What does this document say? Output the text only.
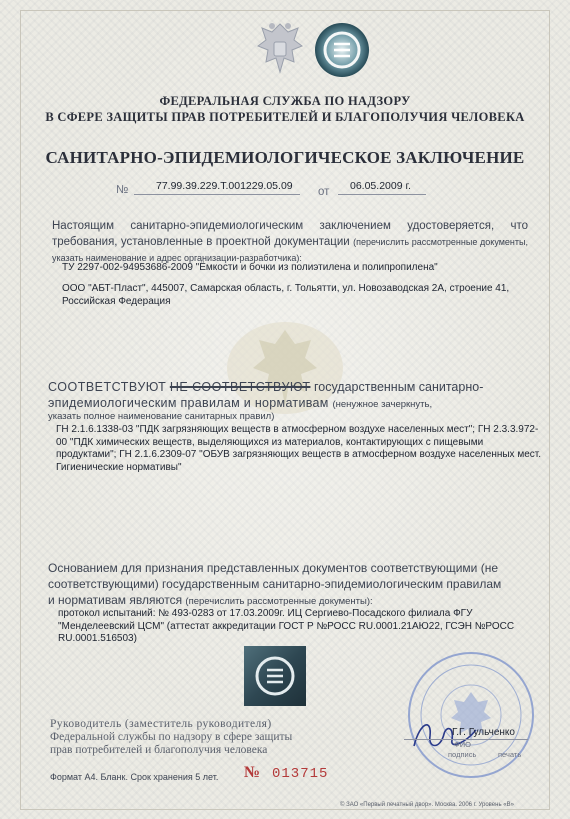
ФЕДЕРАЛЬНАЯ СЛУЖБА ПО НАДЗОРУ
В СФЕРЕ ЗАЩИТЫ ПРАВ ПОТРЕБИТЕЛЕЙ И БЛАГОПОЛУЧИЯ ЧЕЛОВЕКА
САНИТАРНО-ЭПИДЕМИОЛОГИЧЕСКОЕ ЗАКЛЮЧЕНИЕ
№	77.99.39.229.Т.001229.05.09 от 06.05.2009 г.
Настоящим санитарно-эпидемиологическим заключением удостоверяется, что требования, установленные в проектной документации (перечислить рассмотренные документы, указать наименование и адрес организации-разработчика):
ТУ 2297-002-94953686-2009 "Ёмкости и бочки из полиэтилена и полипропилена"
ООО "АБТ-Пласт", 445007, Самарская область, г. Тольятти, ул. Новозаводская 2А, строение 41,
Российская Федерация
СООТВЕТСТВУЮТ НЕ СООТВЕТСТВУЮТ государственным санитарно-
эпидемиологическим правилам и нормативам (ненужное зачеркнуть,
указать полное наименование санитарных правил)
ГН 2.1.6.1338-03 "ПДК загрязняющих веществ в атмосферном воздухе населенных мест"; ГН 2.3.3.972-
00 "ПДК химических веществ, выделяющихся из материалов, контактирующих с пищевыми
продуктами"; ГН 2.1.6.2309-07 "ОБУВ загрязняющих веществ в атмосферном воздухе населенных мест.
Гигиенические нормативы"
Основанием для признания представленных документов соответствующими (не
соответствующими) государственным санитарно-эпидемиологическим правилам
и нормативам являются (перечислить рассмотренные документы):
протокол испытаний: № 493-0283 от 17.03.2009г. ИЦ Сергиево-Посадского филиала ФГУ
"Менделеевский ЦСМ" (аттестат аккредитации ГОСТ Р №РОСС RU.0001.21АЮ22, ГСЭН №РОСС
RU.0001.516503)
Руководитель (заместитель руководителя)
Федеральной службы по надзору в сфере защиты
прав потребителей и благополучия человека
Г.Г. Гульченко
ФИО
подпись	печать
Формат А4. Бланк. Срок хранения 5 лет. № 013715
© ЗАО «Первый печатный двор». Москва. 2006 г. Уровень «В»
